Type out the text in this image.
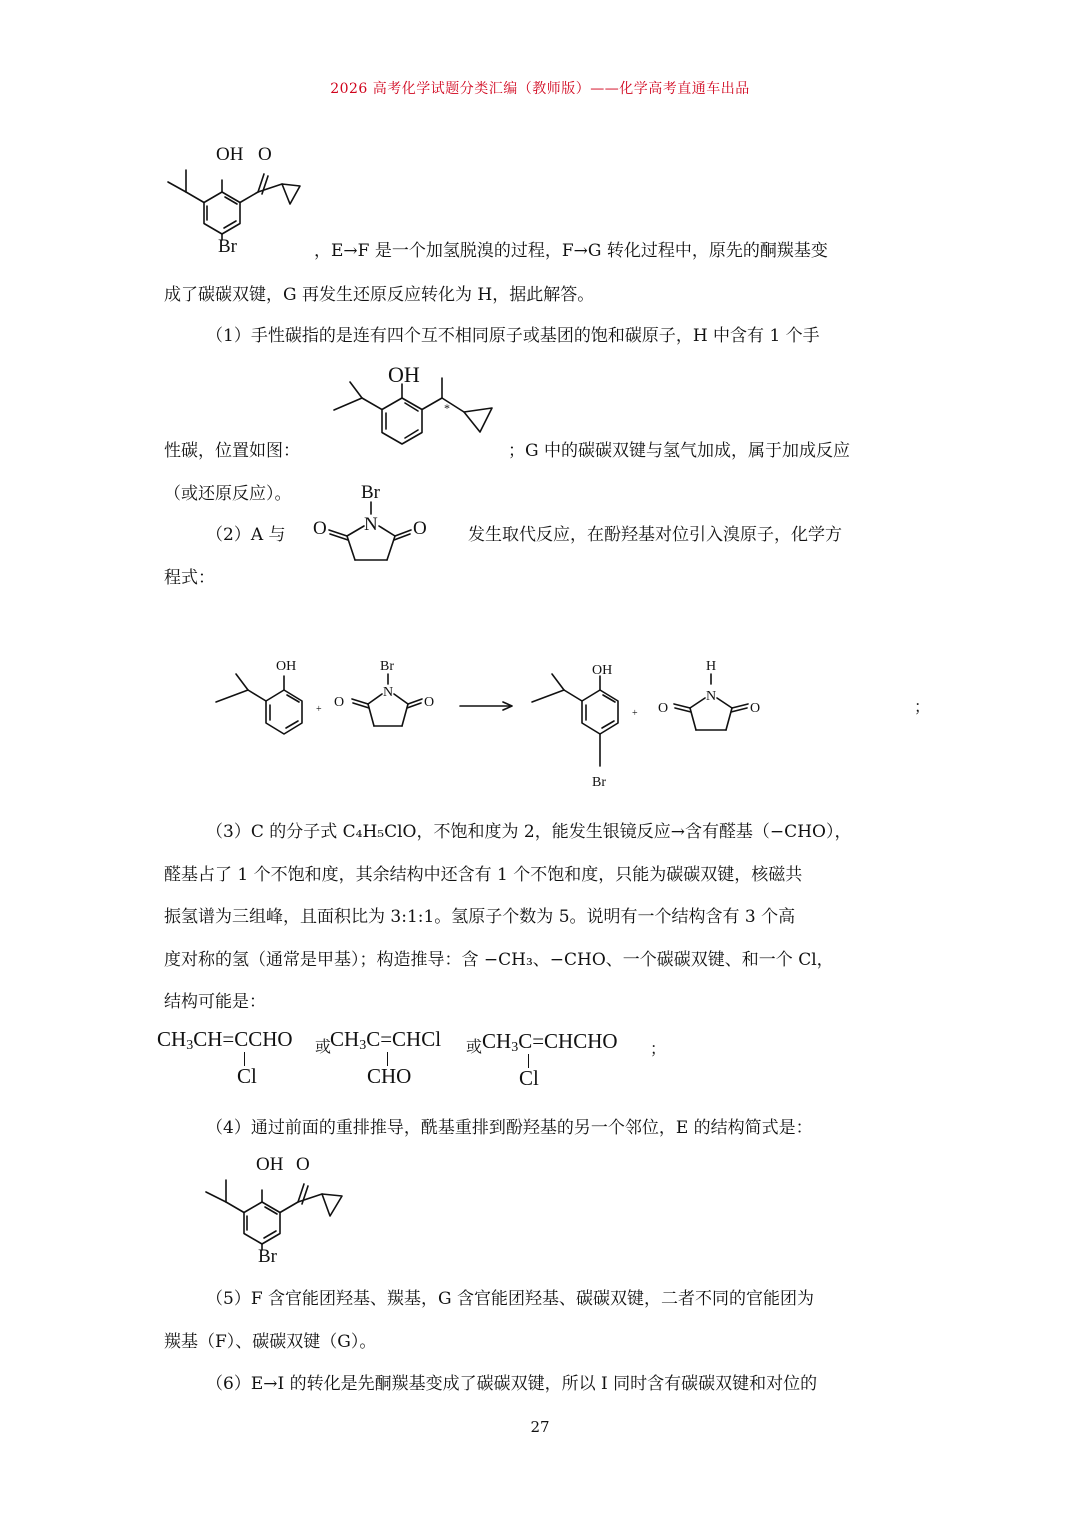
2026 高考化学试题分类汇编（教师版）——化学高考直通车出品
OH O
Br	，E→F 是一个加氢脱溴的过程，F→G 转化过程中，原先的酮羰基变
成了碳碳双键，G 再发生还原反应转化为 H，据此解答。
（1）手性碳指的是连有四个互不相同原子或基团的饱和碳原子，H 中含有 1 个手
OH
*
性碳，位置如图：	；G 中的碳碳双键与氢气加成，属于加成反应
（或还原反应）。	Br
N
O	O
（2）A 与	发生取代反应，在酚羟基对位引入溴原子，化学方
程式：
OH
+
Br
N
O	O
OH
Br
+
H
N
O	O	；
（3）C 的分子式 C₄H₅ClO，不饱和度为 2，能发生银镜反应→含有醛基（−CHO），
醛基占了 1 个不饱和度，其余结构中还含有 1 个不饱和度，只能为碳碳双键，核磁共
振氢谱为三组峰，且面积比为 3:1:1。氢原子个数为 5。说明有一个结构含有 3 个高
度对称的氢（通常是甲基）；构造推导：含 −CH₃、−CHO、一个碳碳双键、和一个 Cl，
结构可能是：
$CH_3CH=CCHO$
Cl
或
$CH_3C=CHCl$
CHO
或 $CH_3C=CHCHO$
Cl
；
（4）通过前面的重排推导，酰基重排到酚羟基的另一个邻位，E 的结构简式是：
OH O
Br
（5）F 含官能团羟基、羰基，G 含官能团羟基、碳碳双键，二者不同的官能团为
羰基（F）、碳碳双键（G）。
（6）E→I 的转化是先酮羰基变成了碳碳双键，所以 I 同时含有碳碳双键和对位的
27
